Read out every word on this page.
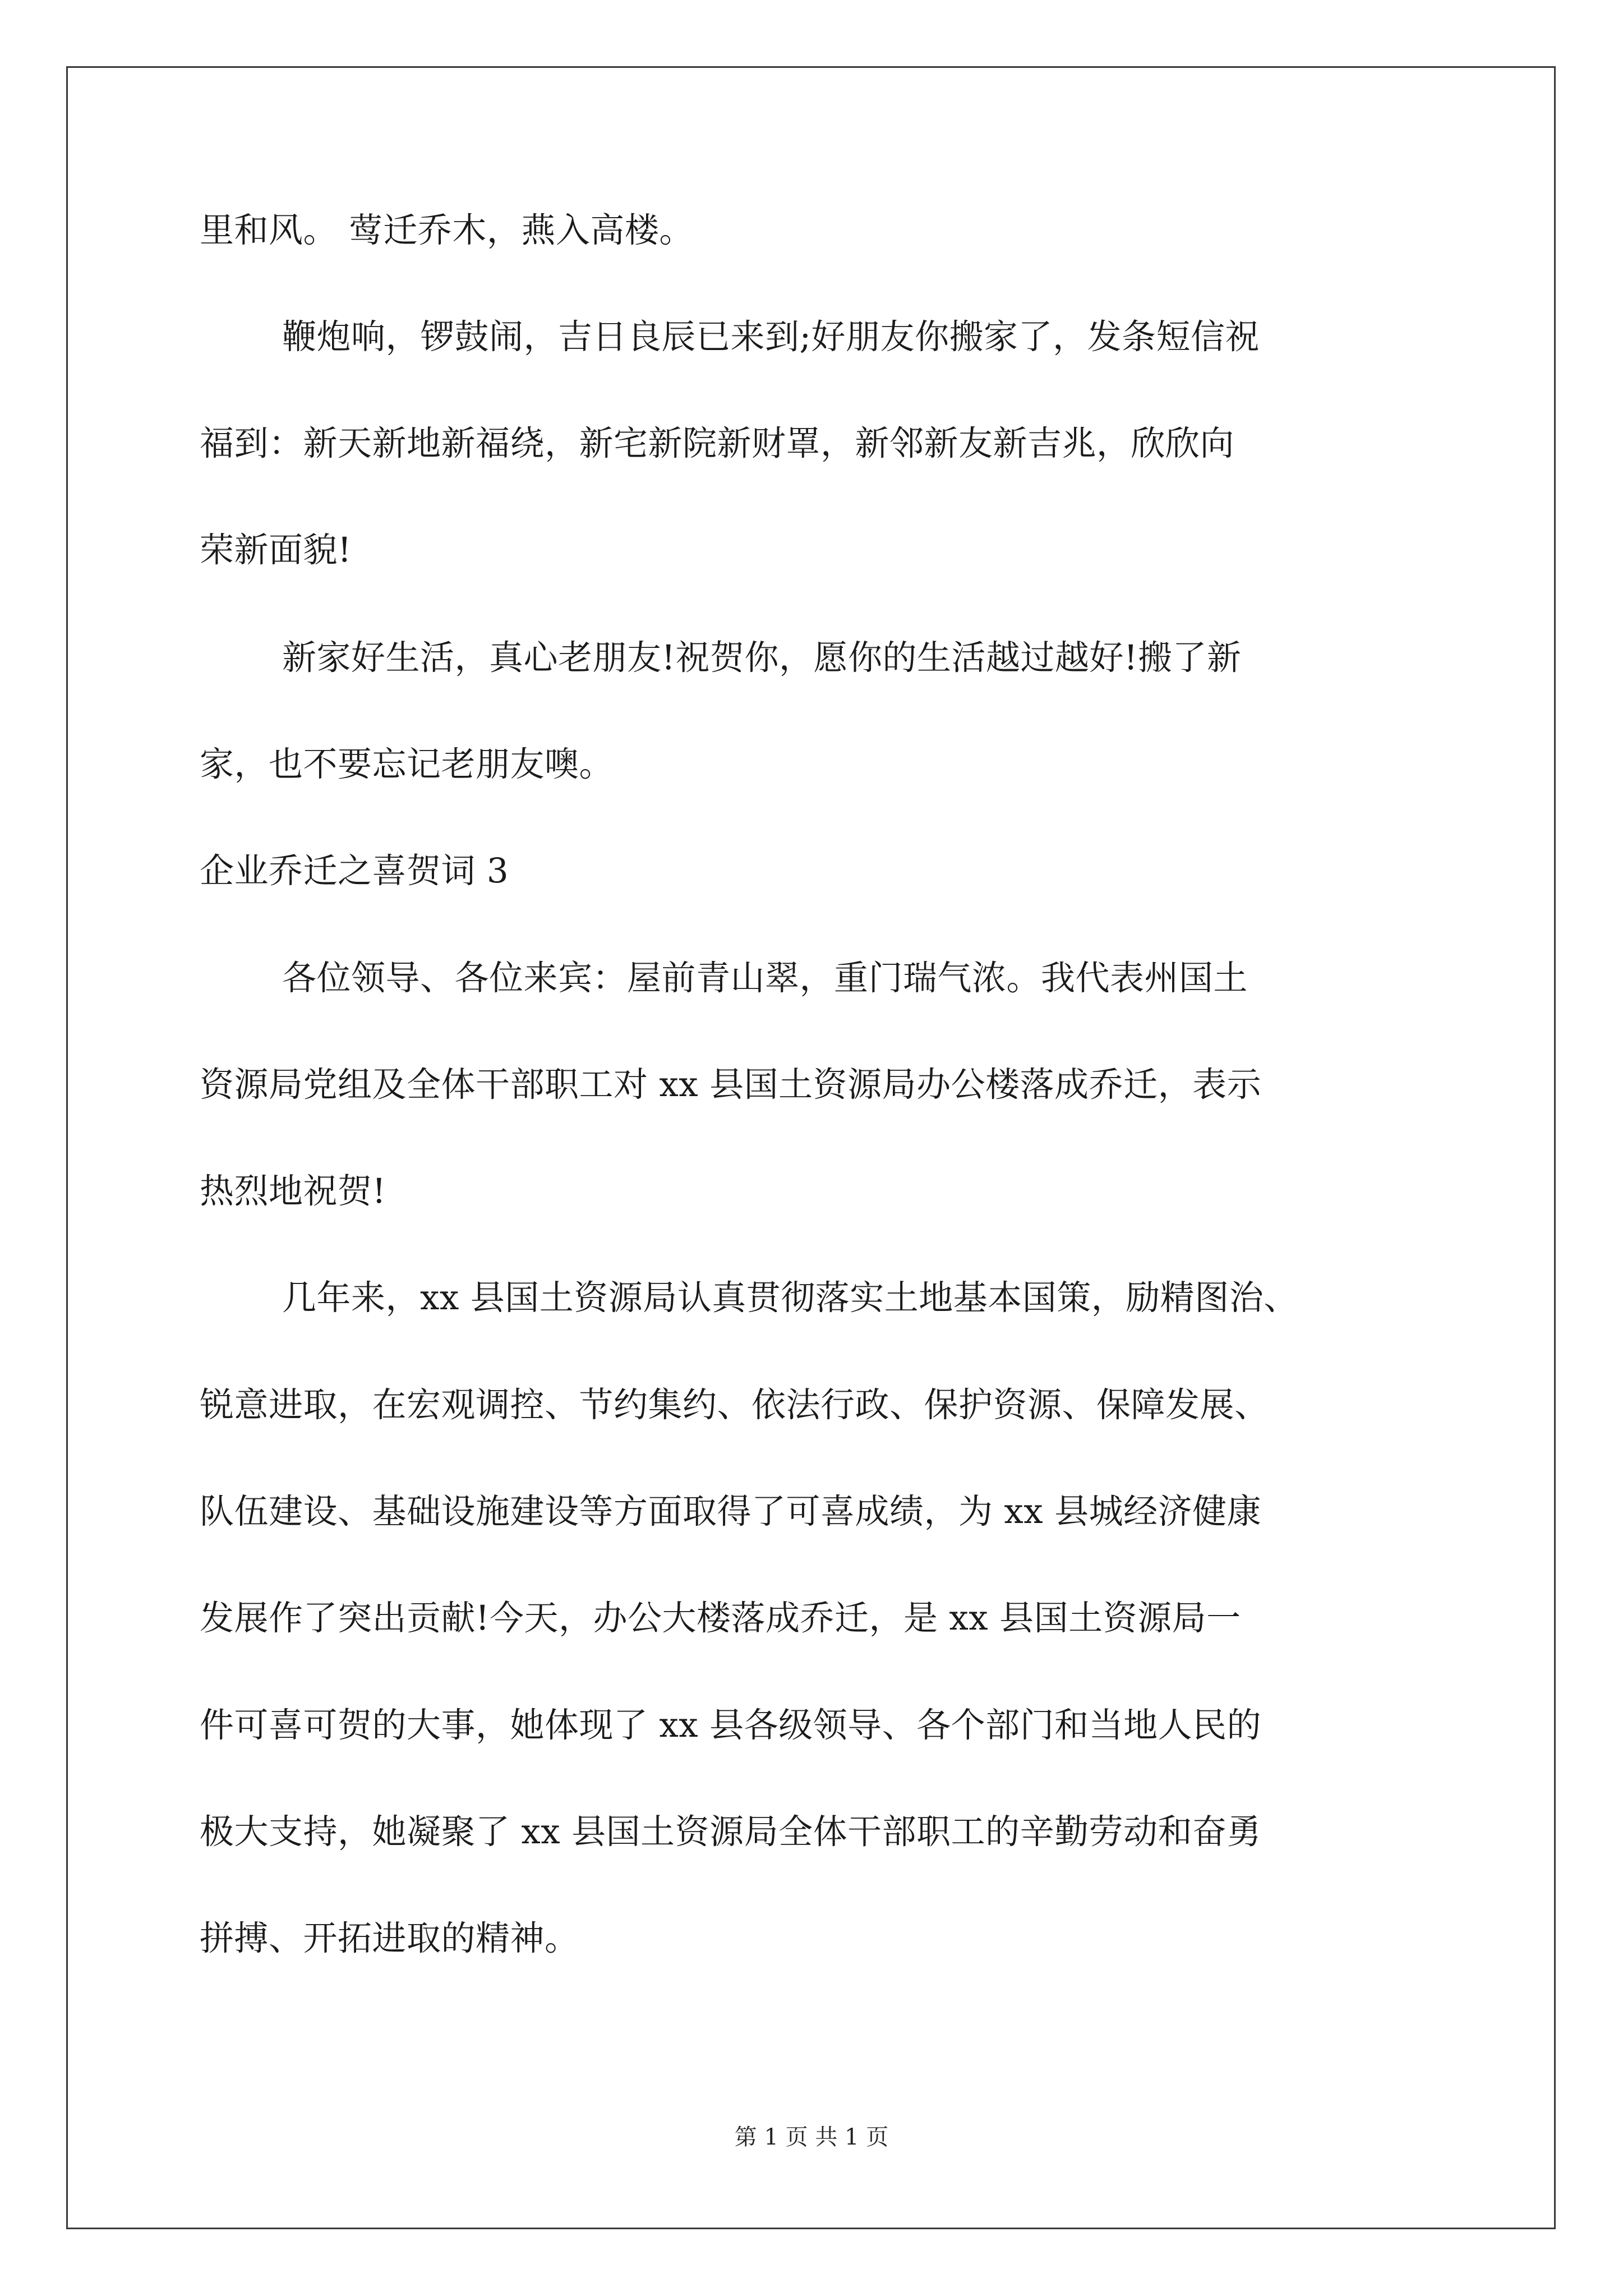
里和风。 莺迁乔木，燕入高楼。
鞭炮响，锣鼓闹，吉日良辰已来到;好朋友你搬家了，发条短信祝
福到：新天新地新福绕，新宅新院新财罩，新邻新友新吉兆，欣欣向
荣新面貌!
新家好生活，真心老朋友!祝贺你，愿你的生活越过越好!搬了新
家，也不要忘记老朋友噢。
企业乔迁之喜贺词 3
各位领导、各位来宾：屋前青山翠，重门瑞气浓。我代表州国土
资源局党组及全体干部职工对 xx 县国土资源局办公楼落成乔迁，表示
热烈地祝贺!
几年来，xx 县国土资源局认真贯彻落实土地基本国策，励精图治、
锐意进取，在宏观调控、节约集约、依法行政、保护资源、保障发展、
队伍建设、基础设施建设等方面取得了可喜成绩，为 xx 县城经济健康
发展作了突出贡献!今天，办公大楼落成乔迁，是 xx 县国土资源局一
件可喜可贺的大事，她体现了 xx 县各级领导、各个部门和当地人民的
极大支持，她凝聚了 xx 县国土资源局全体干部职工的辛勤劳动和奋勇
拼搏、开拓进取的精神。
第 1 页 共 1 页
